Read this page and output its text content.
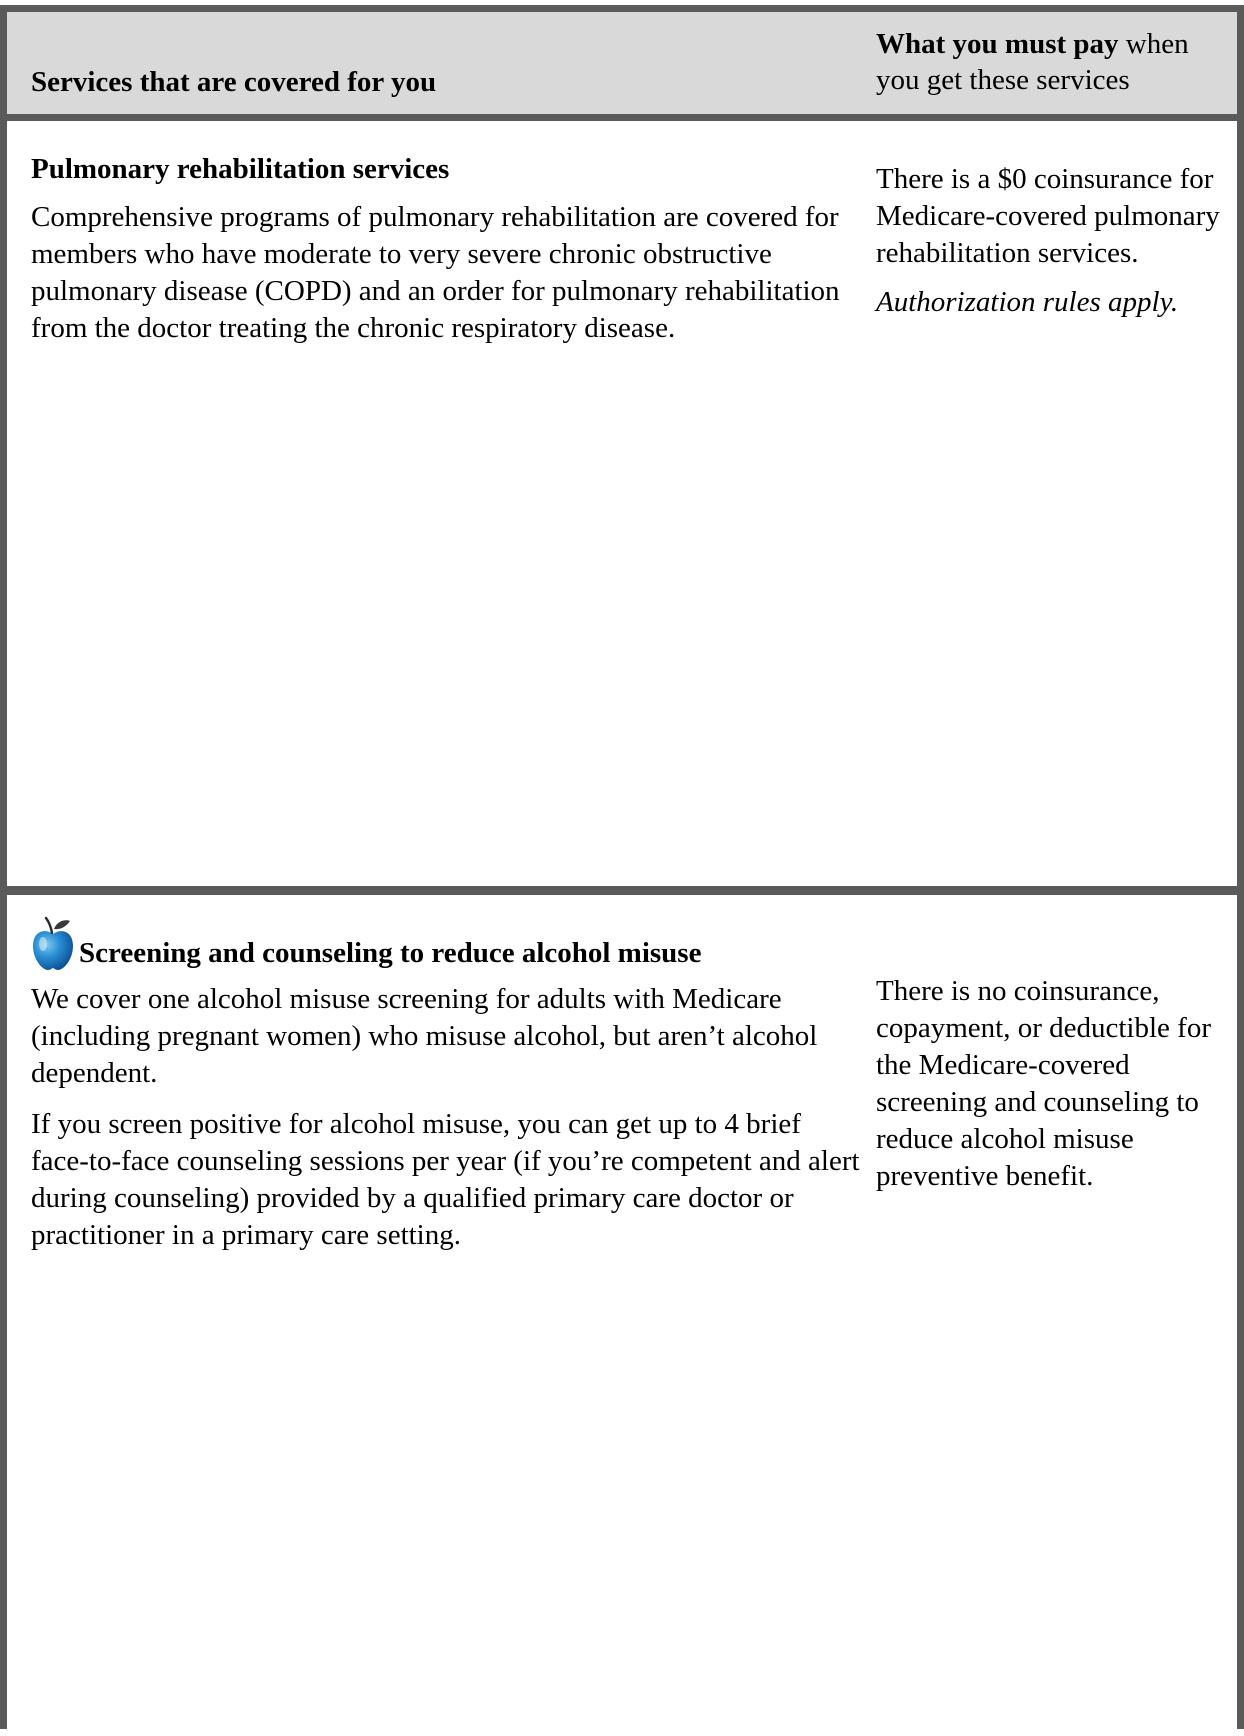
Services that are covered for you
What you must pay when you get these services

Pulmonary rehabilitation services

Comprehensive programs of pulmonary rehabilitation are covered for members who have moderate to very severe chronic obstructive pulmonary disease (COPD) and an order for pulmonary rehabilitation from the doctor treating the chronic respiratory disease.

There is a $0 coinsurance for Medicare-covered pulmonary rehabilitation services.

Authorization rules apply.

Screening and counseling to reduce alcohol misuse

We cover one alcohol misuse screening for adults with Medicare (including pregnant women) who misuse alcohol, but aren’t alcohol dependent.

If you screen positive for alcohol misuse, you can get up to 4 brief face-to-face counseling sessions per year (if you’re competent and alert during counseling) provided by a qualified primary care doctor or practitioner in a primary care setting.

There is no coinsurance, copayment, or deductible for the Medicare-covered screening and counseling to reduce alcohol misuse preventive benefit.
